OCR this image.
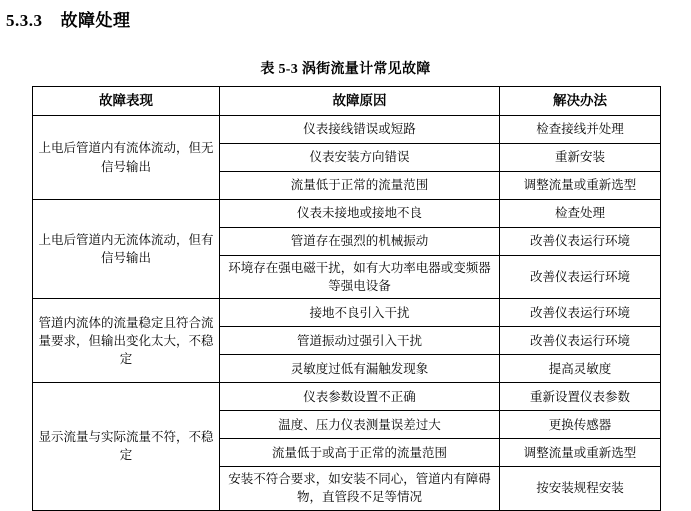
5.3.3 故障处理
表 5-3 涡街流量计常见故障
故障表现	故障原因	解决办法
上电后管道内有流体流动，但无信号输出	仪表接线错误或短路	检查接线并处理
	仪表安装方向错误	重新安装
	流量低于正常的流量范围	调整流量或重新选型
上电后管道内无流体流动，但有信号输出	仪表未接地或接地不良	检查处理
	管道存在强烈的机械振动	改善仪表运行环境
	环境存在强电磁干扰，如有大功率电器或变频器等强电设备	改善仪表运行环境
管道内流体的流量稳定且符合流量要求，但输出变化太大，不稳定	接地不良引入干扰	改善仪表运行环境
	管道振动过强引入干扰	改善仪表运行环境
	灵敏度过低有漏触发现象	提高灵敏度
显示流量与实际流量不符，不稳定	仪表参数设置不正确	重新设置仪表参数
	温度、压力仪表测量误差过大	更换传感器
	流量低于或高于正常的流量范围	调整流量或重新选型
	安装不符合要求，如安装不同心，管道内有障碍物，直管段不足等情况	按安装规程安装
